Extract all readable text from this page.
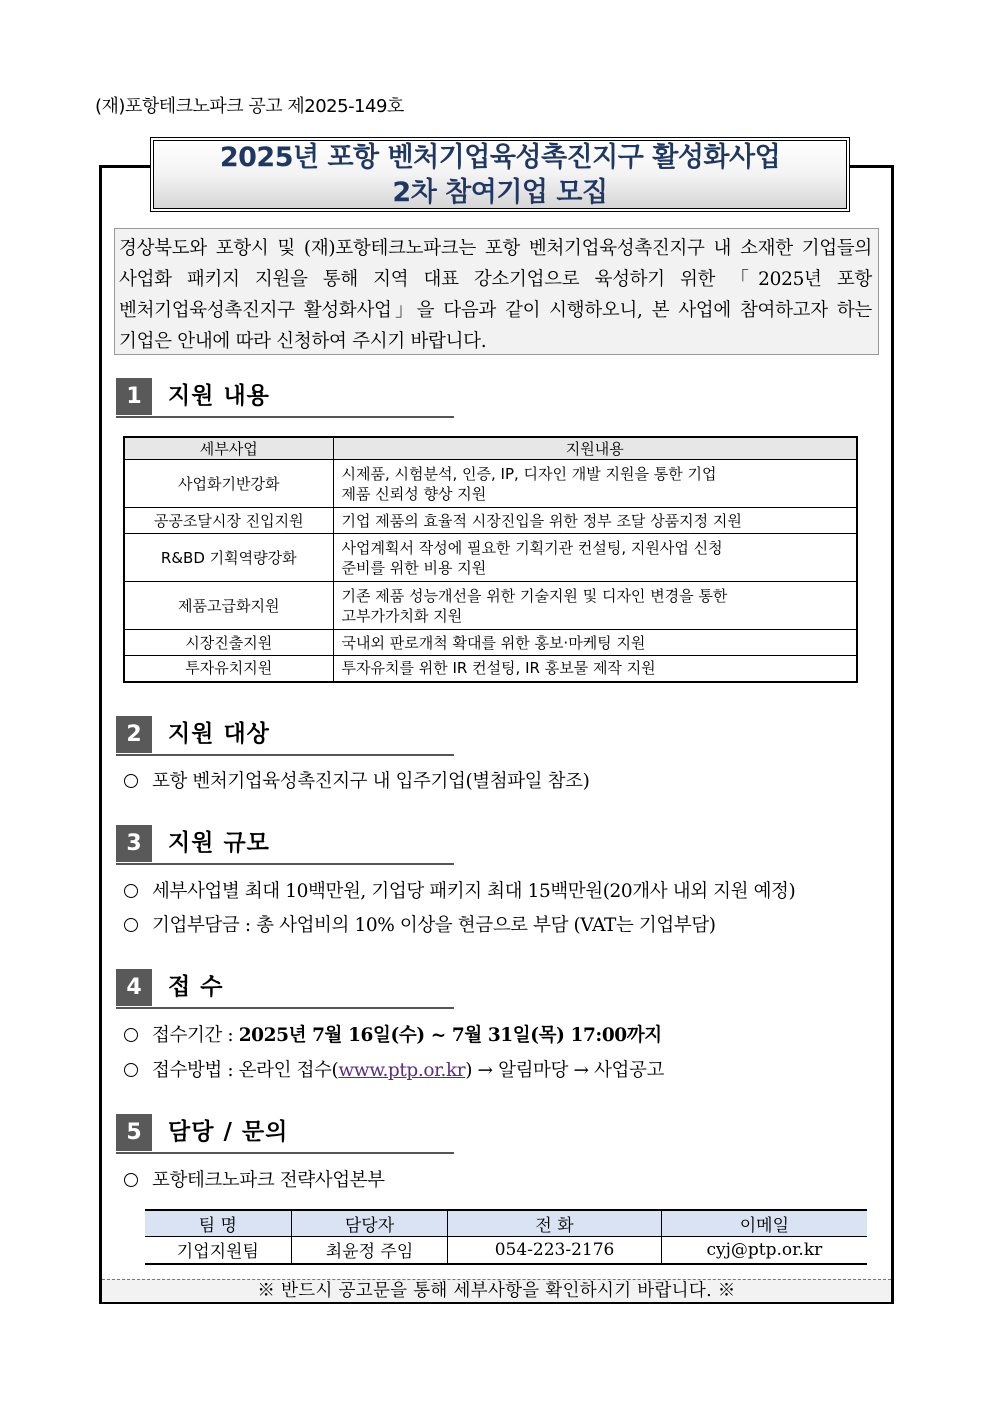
(재)포항테크노파크 공고 제2025-149호
2025년 포항 벤처기업육성촉진지구 활성화사업
2차 참여기업 모집
경상북도와 포항시 및 (재)포항테크노파크는 포항 벤처기업육성촉진지구 내 소재한 기업들의 사업화 패키지 지원을 통해 지역 대표 강소기업으로 육성하기 위한 「2025년 포항 벤처기업육성촉진지구 활성화사업」을 다음과 같이 시행하오니, 본 사업에 참여하고자 하는 기업은 안내에 따라 신청하여 주시기 바랍니다.
1	지원 내용
세부사업	지원내용
사업화기반강화	시제품, 시험분석, 인증, IP, 디자인 개발 지원을 통한 기업
제품 신뢰성 향상 지원

공공조달시장 진입지원	기업 제품의 효율적 시장진입을 위한 정부 조달 상품지정 지원

R&BD 기획역량강화	사업계획서 작성에 필요한 기획기관 컨설팅, 지원사업 신청
준비를 위한 비용 지원

제품고급화지원	기존 제품 성능개선을 위한 기술지원 및 디자인 변경을 통한
고부가가치화 지원

시장진출지원	국내외 판로개척 확대를 위한 홍보·마케팅 지원

투자유치지원	투자유치를 위한 IR 컨설팅, IR 홍보물 제작 지원
2	지원 대상
포항 벤처기업육성촉진지구 내 입주기업(별첨파일 참조)
3	지원 규모
세부사업별 최대 10백만원, 기업당 패키지 최대 15백만원(20개사 내외 지원 예정)
기업부담금 : 총 사업비의 10% 이상을 현금으로 부담 (VAT는 기업부담)
4	접 수
접수기간 : 2025년 7월 16일(수) ~ 7월 31일(목) 17:00까지
접수방법 : 온라인 접수(www.ptp.or.kr) → 알림마당 → 사업공고
5	담당 / 문의
포항테크노파크 전략사업본부
팀 명	담당자	전 화	이메일
기업지원팀	최윤정 주임	054-223-2176	cyj@ptp.or.kr
※ 반드시 공고문을 통해 세부사항을 확인하시기 바랍니다. ※
